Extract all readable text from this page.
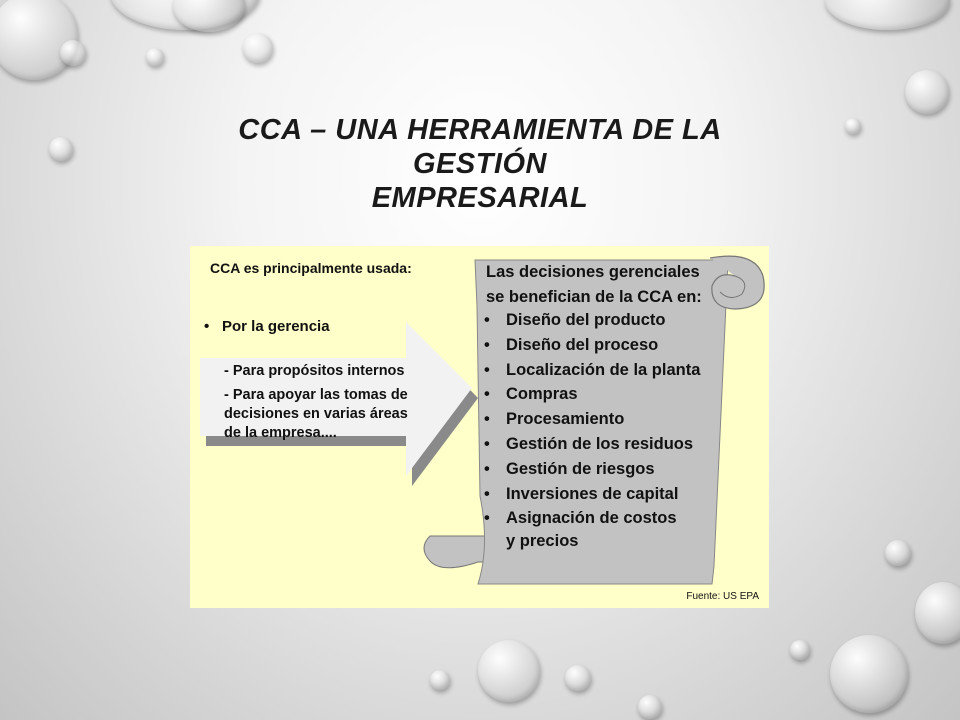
CCA – UNA HERRAMIENTA DE LA GESTIÓN
EMPRESARIAL
CCA es principalmente usada:
• Por la gerencia
- Para propósitos internos
- Para apoyar las tomas de
decisiones en varias áreas
de la empresa....
Las decisiones gerenciales
se benefician de la CCA en:
• Diseño del producto
• Diseño del proceso
• Localización de la planta
• Compras
• Procesamiento
• Gestión de los residuos
• Gestión de riesgos
• Inversiones de capital
• Asignación de costos
y precios
Fuente: US EPA
